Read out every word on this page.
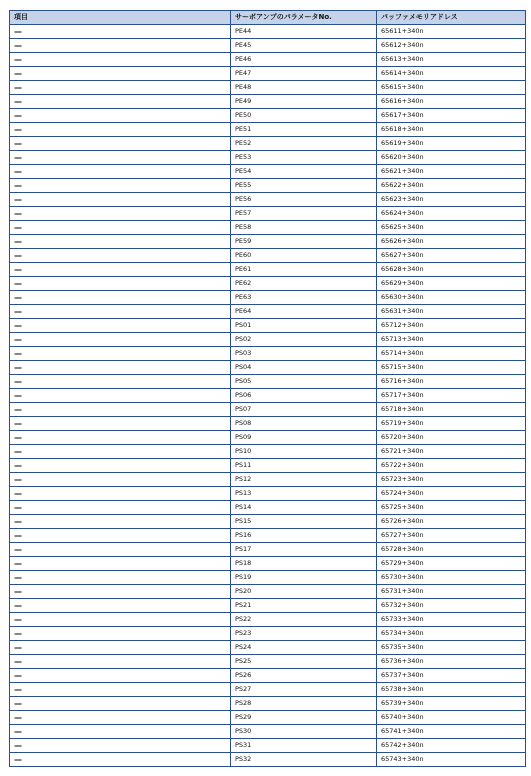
項目	サーボアンプのパラメータNo.	バッファメモリアドレス
—	PE44	65611+340n
—	PE45	65612+340n
—	PE46	65613+340n
—	PE47	65614+340n
—	PE48	65615+340n
—	PE49	65616+340n
—	PE50	65617+340n
—	PE51	65618+340n
—	PE52	65619+340n
—	PE53	65620+340n
—	PE54	65621+340n
—	PE55	65622+340n
—	PE56	65623+340n
—	PE57	65624+340n
—	PE58	65625+340n
—	PE59	65626+340n
—	PE60	65627+340n
—	PE61	65628+340n
—	PE62	65629+340n
—	PE63	65630+340n
—	PE64	65631+340n
—	PS01	65712+340n
—	PS02	65713+340n
—	PS03	65714+340n
—	PS04	65715+340n
—	PS05	65716+340n
—	PS06	65717+340n
—	PS07	65718+340n
—	PS08	65719+340n
—	PS09	65720+340n
—	PS10	65721+340n
—	PS11	65722+340n
—	PS12	65723+340n
—	PS13	65724+340n
—	PS14	65725+340n
—	PS15	65726+340n
—	PS16	65727+340n
—	PS17	65728+340n
—	PS18	65729+340n
—	PS19	65730+340n
—	PS20	65731+340n
—	PS21	65732+340n
—	PS22	65733+340n
—	PS23	65734+340n
—	PS24	65735+340n
—	PS25	65736+340n
—	PS26	65737+340n
—	PS27	65738+340n
—	PS28	65739+340n
—	PS29	65740+340n
—	PS30	65741+340n
—	PS31	65742+340n
—	PS32	65743+340n
